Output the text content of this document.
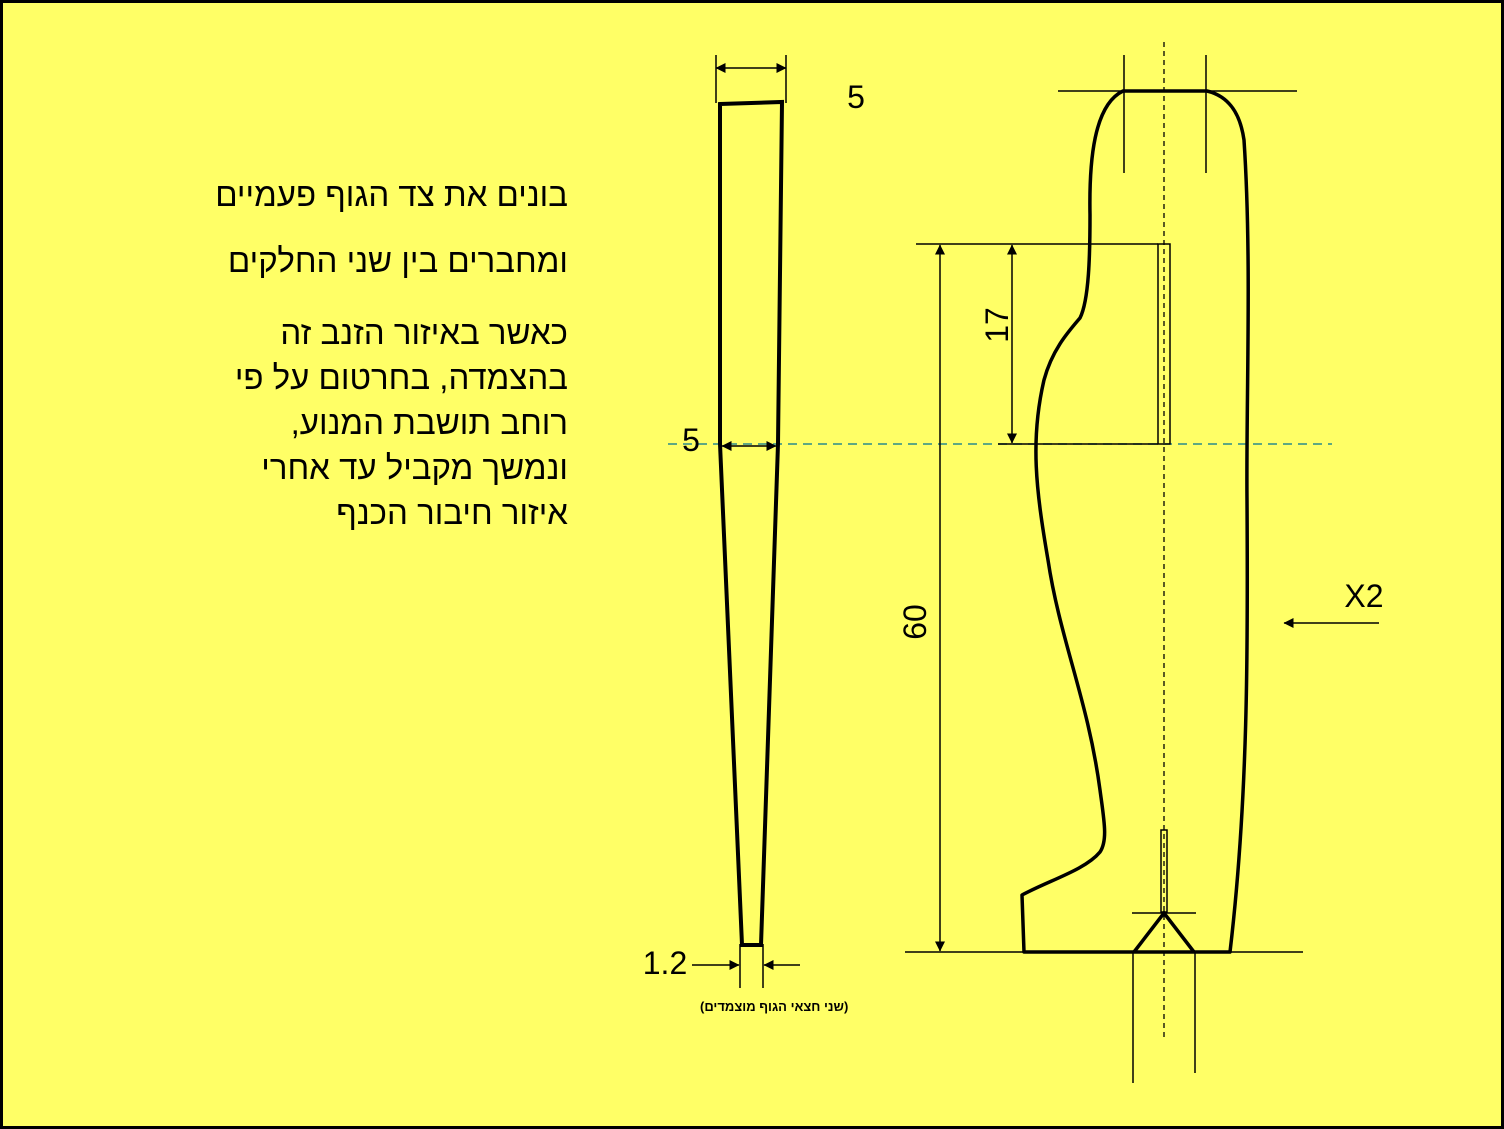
בונים את צד הגוף פעמיים

ומחברים בין שני החלקים

כאשר באיזור הזנב זה
בהצמדה, בחרטום על פי
רוחב תושבת המנוע,
ונמשך מקביל עד אחרי
איזור חיבור הכנף

5
5
1.2
(שני חצאי הגוף מוצמדים)
17
60
X2
